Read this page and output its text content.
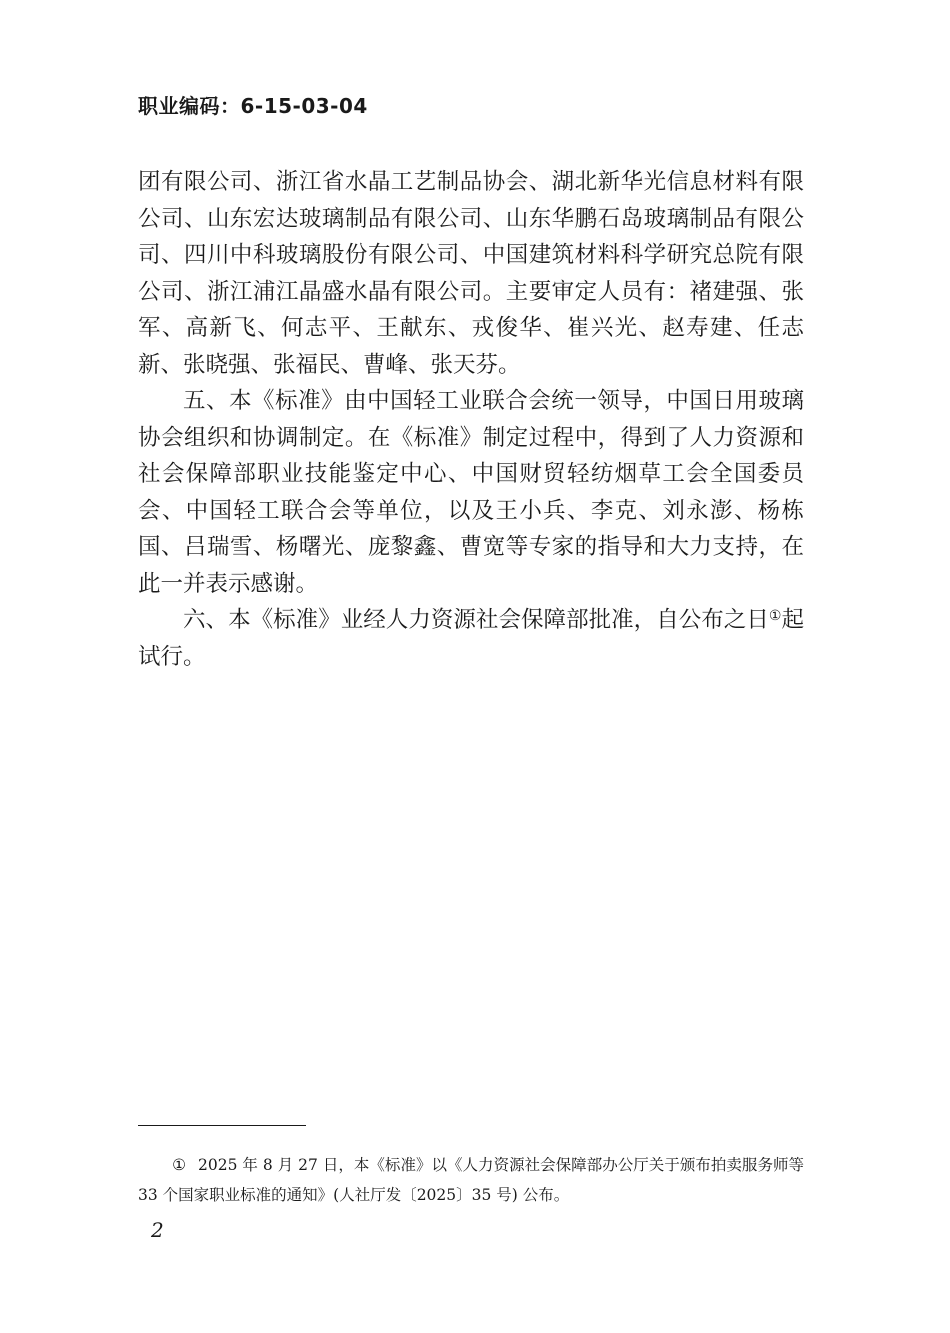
职业编码：6-15-03-04

团有限公司、浙江省水晶工艺制品协会、湖北新华光信息材料有限公司、山东宏达玻璃制品有限公司、山东华鹏石岛玻璃制品有限公司、四川中科玻璃股份有限公司、中国建筑材料科学研究总院有限公司、浙江浦江晶盛水晶有限公司。主要审定人员有：褚建强、张军、高新飞、何志平、王献东、戎俊华、崔兴光、赵寿建、任志新、张晓强、张福民、曹峰、张天芬。

五、本《标准》由中国轻工业联合会统一领导，中国日用玻璃协会组织和协调制定。在《标准》制定过程中，得到了人力资源和社会保障部职业技能鉴定中心、中国财贸轻纺烟草工会全国委员会、中国轻工联合会等单位，以及王小兵、李克、刘永澎、杨栋国、吕瑞雪、杨曙光、庞黎鑫、曹宽等专家的指导和大力支持，在此一并表示感谢。

六、本《标准》业经人力资源社会保障部批准，自公布之日①起试行。

① 2025 年 8 月 27 日，本《标准》以《人力资源社会保障部办公厅关于颁布拍卖服务师等 33 个国家职业标准的通知》(人社厅发〔2025〕35 号) 公布。

2
